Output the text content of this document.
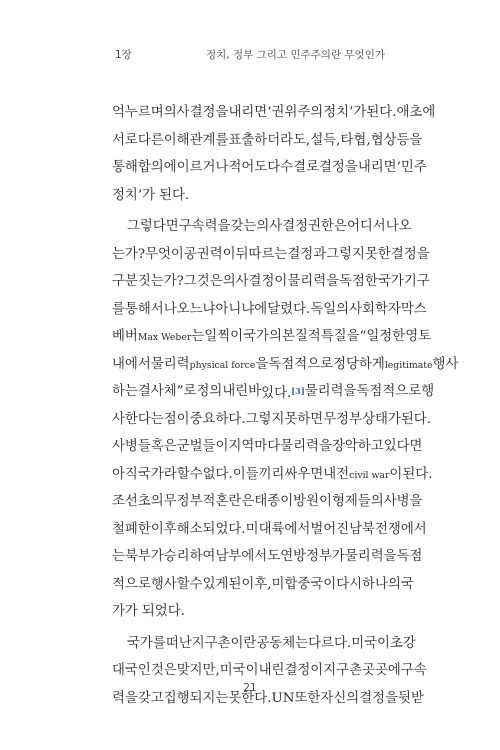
1장	정치, 정부 그리고 민주주의란 무엇인가
억누르며 의사결정을 내리면 ‘권위주의 정치’가 된다. 애초에
서로 다른 이해관계를 표출하더라도, 설득, 타협, 협상 등을
통해 합의에 이르거나 적어도 다수결로 결정을 내리면 ‘민주
정치’가 된다.
그렇다면 구속력을 갖는 의사결정 권한은 어디서 나오
는가? 무엇이 공권력이 뒤따르는 결정과 그렇지 못한 결정을
구분 짓는가? 그것은 의사결정이 물리력을 독점한 국가 기구
를 통해서 나오느냐 아니냐에 달렸다. 독일의 사회학자 막스
베버Max Weber는 일찍이 국가의 본질적 특질을 “일정한 영토
내에서 물리력physical force을 독점적으로 정당하게legitimate 행사
하는 결사체”로 정의 내린 바 있다.[3] 물리력을 독점적으로 행
사한다는 점이 중요하다. 그렇지 못하면 무정부 상태가 된다.
사병들 혹은 군벌들이 지역마다 물리력을 장악하고 있다면
아직 국가라 할 수 없다. 이들끼리 싸우면 내전civil war이 된다.
조선 초의 무정부적 혼란은 태종 이방원이 형제들의 사병을
철폐한 이후 해소되었다. 미 대륙에서 벌어진 남북전쟁에서
는 북부가 승리하여 남부에서도 연방정부가 물리력을 독점
적으로 행사할 수 있게 된 이후, 미합중국이 다시 하나의 국
가가 되었다.
국가를 떠난 지구촌이란 공동체는 다르다. 미국이 초강
대국인 것은 맞지만, 미국이 내린 결정이 지구촌 곳곳에 구속
력을 갖고 집행되지는 못한다. UN 또한 자신의 결정을 뒷받
21
